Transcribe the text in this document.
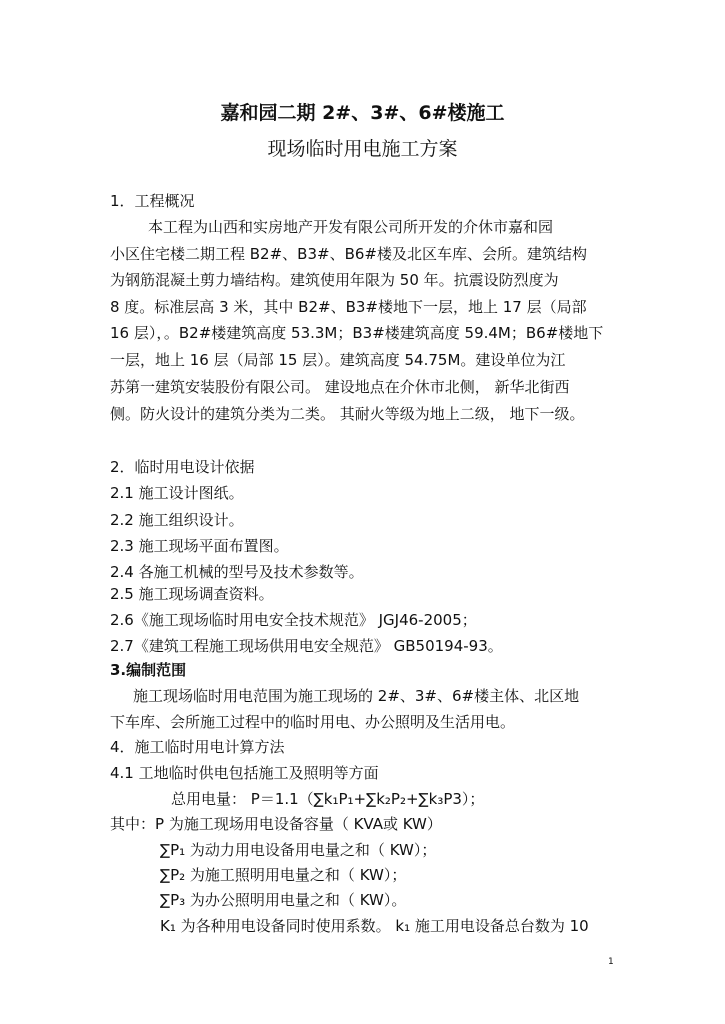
嘉和园二期 2#、3#、6#楼施工
现场临时用电施工方案
1．工程概况
本工程为山西和实房地产开发有限公司所开发的介休市嘉和园
小区住宅楼二期工程 B2#、B3#、B6#楼及北区车库、会所。建筑结构
为钢筋混凝土剪力墙结构。建筑使用年限为 50 年。抗震设防烈度为
8 度。标准层高 3 米，其中 B2#、B3#楼地下一层，地上 17 层（局部
16 层），。B2#楼建筑高度 53.3M；B3#楼建筑高度 59.4M；B6#楼地下
一层，地上 16 层（局部 15 层）。建筑高度 54.75M。建设单位为江
苏第一建筑安装股份有限公司。 建设地点在介休市北侧， 新华北街西
侧。防火设计的建筑分类为二类。 其耐火等级为地上二级， 地下一级。
2．临时用电设计依据
2.1 施工设计图纸。
2.2 施工组织设计。
2.3 施工现场平面布置图。
2.4 各施工机械的型号及技术参数等。
2.5 施工现场调查资料。
2.6《施工现场临时用电安全技术规范》 JGJ46-2005；
2.7《建筑工程施工现场供用电安全规范》 GB50194-93。
3.编制范围
施工现场临时用电范围为施工现场的 2#、3#、6#楼主体、北区地
下车库、会所施工过程中的临时用电、办公照明及生活用电。
4．施工临时用电计算方法
4.1 工地临时供电包括施工及照明等方面
总用电量： P＝1.1（∑k₁P₁+∑k₂P₂+∑k₃P3）；
其中：P 为施工现场用电设备容量（ KVA或 KW）
∑P₁ 为动力用电设备用电量之和（ KW）；
∑P₂ 为施工照明用电量之和（ KW）；
∑P₃ 为办公照明用电量之和（ KW）。
K₁ 为各种用电设备同时使用系数。 k₁ 施工用电设备总台数为 10
1
